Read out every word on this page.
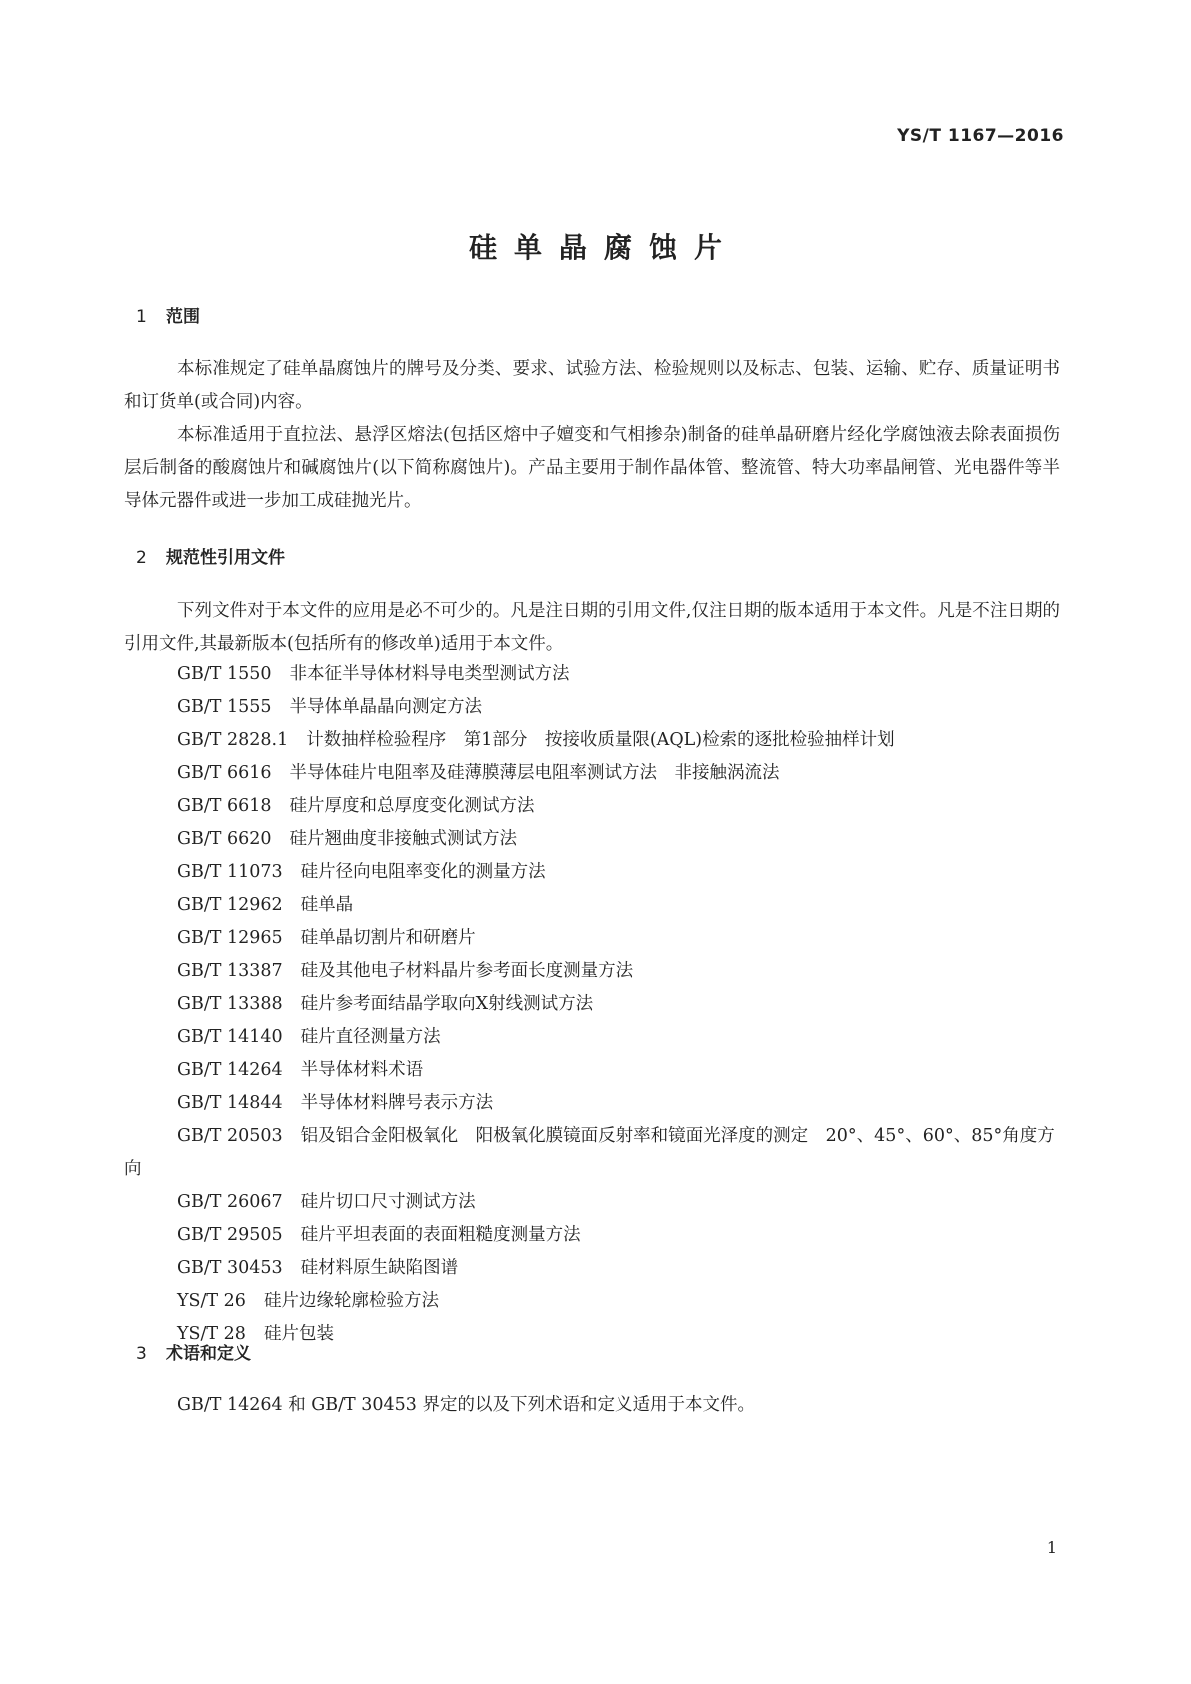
YS/T 1167—2016
硅单晶腐蚀片
1 范围
本标准规定了硅单晶腐蚀片的牌号及分类、要求、试验方法、检验规则以及标志、包装、运输、贮存、质量证明书和订货单(或合同)内容。
本标准适用于直拉法、悬浮区熔法(包括区熔中子嬗变和气相掺杂)制备的硅单晶研磨片经化学腐蚀液去除表面损伤层后制备的酸腐蚀片和碱腐蚀片(以下简称腐蚀片)。产品主要用于制作晶体管、整流管、特大功率晶闸管、光电器件等半导体元器件或进一步加工成硅抛光片。
2 规范性引用文件
下列文件对于本文件的应用是必不可少的。凡是注日期的引用文件,仅注日期的版本适用于本文件。凡是不注日期的引用文件,其最新版本(包括所有的修改单)适用于本文件。
GB/T 1550 非本征半导体材料导电类型测试方法
GB/T 1555 半导体单晶晶向测定方法
GB/T 2828.1 计数抽样检验程序　第1部分　按接收质量限(AQL)检索的逐批检验抽样计划
GB/T 6616 半导体硅片电阻率及硅薄膜薄层电阻率测试方法　非接触涡流法
GB/T 6618 硅片厚度和总厚度变化测试方法
GB/T 6620 硅片翘曲度非接触式测试方法
GB/T 11073 硅片径向电阻率变化的测量方法
GB/T 12962 硅单晶
GB/T 12965 硅单晶切割片和研磨片
GB/T 13387 硅及其他电子材料晶片参考面长度测量方法
GB/T 13388 硅片参考面结晶学取向X射线测试方法
GB/T 14140 硅片直径测量方法
GB/T 14264 半导体材料术语
GB/T 14844 半导体材料牌号表示方法
GB/T 20503 铝及铝合金阳极氧化　阳极氧化膜镜面反射率和镜面光泽度的测定　20°、45°、60°、85°角度方向
GB/T 26067 硅片切口尺寸测试方法
GB/T 29505 硅片平坦表面的表面粗糙度测量方法
GB/T 30453 硅材料原生缺陷图谱
YS/T 26 硅片边缘轮廓检验方法
YS/T 28 硅片包装
3 术语和定义
GB/T 14264 和 GB/T 30453 界定的以及下列术语和定义适用于本文件。
1
